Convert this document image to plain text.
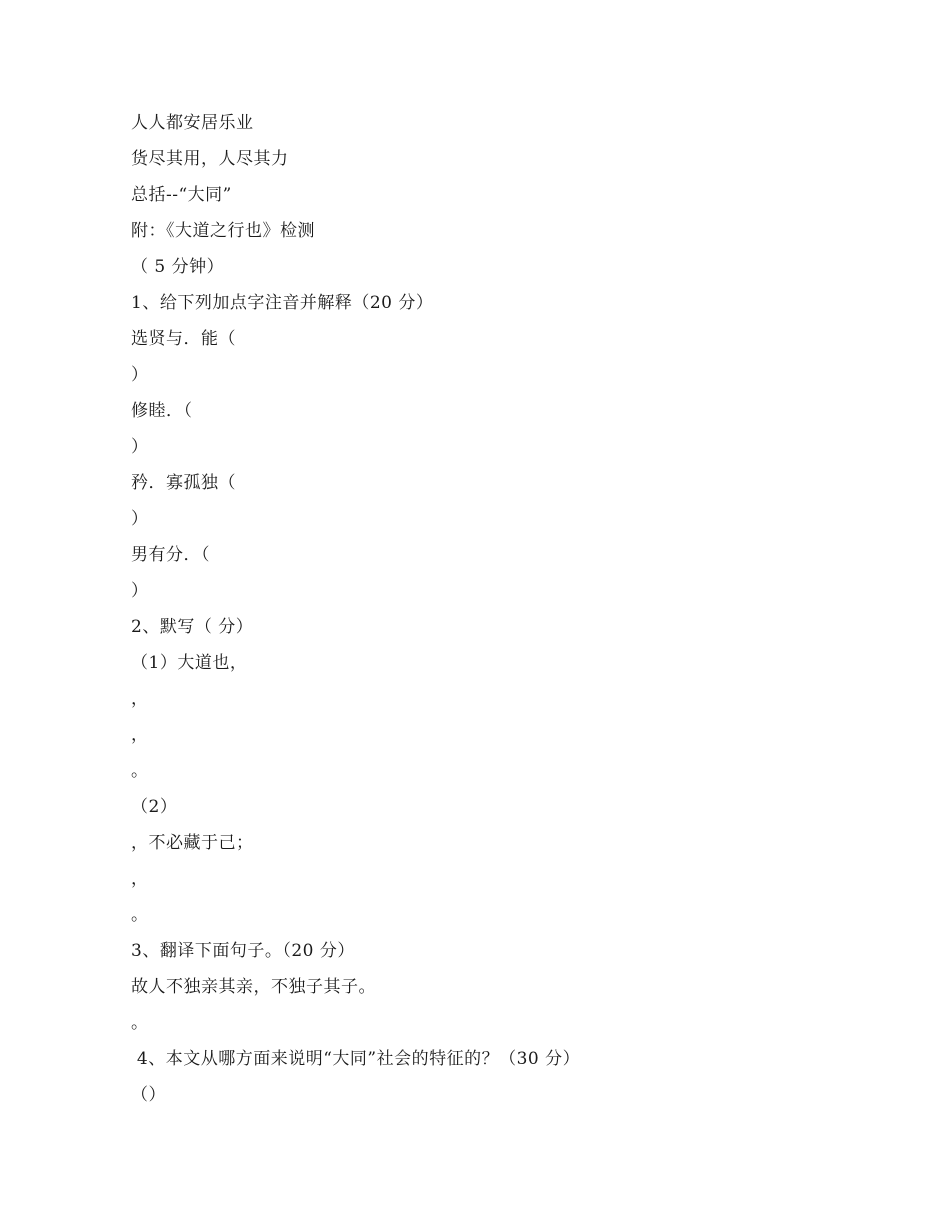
人人都安居乐业
货尽其用，人尽其力
总括--“大同”
附：《大道之行也》检测
（ 5 分钟）
1、给下列加点字注音并解释（20 分）
选贤与．能（
）
修睦．（
）
矜．寡孤独（
）
男有分．（
）
2、默写（ 分）
（1）大道也，
，
，
。
（2）
，不必藏于己；
，
。
3、翻译下面句子。（20 分）
故人不独亲其亲，不独子其子。
。
4、本文从哪方面来说明“大同”社会的特征的？（30 分）
（）
